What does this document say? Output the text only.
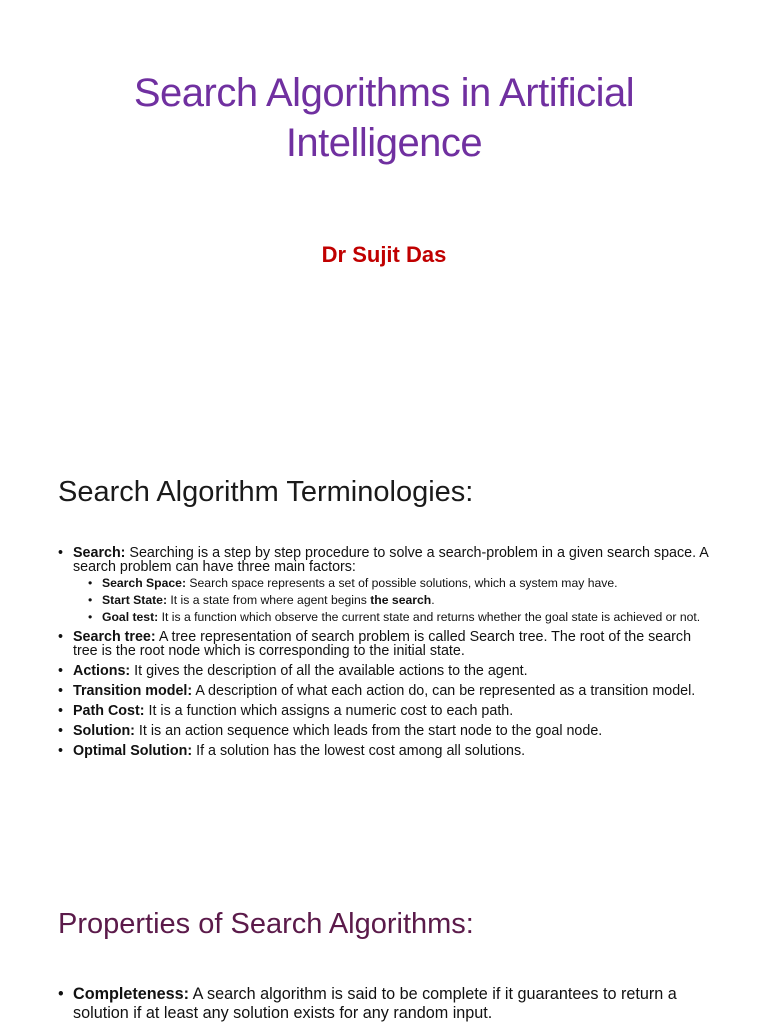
Search Algorithms in Artificial Intelligence
Dr Sujit Das
Search Algorithm Terminologies:
• Search: Searching is a step by step procedure to solve a search-problem in a given search space. A search problem can have three main factors:
• Search Space: Search space represents a set of possible solutions, which a system may have.
• Start State: It is a state from where agent begins the search.
• Goal test: It is a function which observe the current state and returns whether the goal state is achieved or not.
• Search tree: A tree representation of search problem is called Search tree. The root of the search tree is the root node which is corresponding to the initial state.
• Actions: It gives the description of all the available actions to the agent.
• Transition model: A description of what each action do, can be represented as a transition model.
• Path Cost: It is a function which assigns a numeric cost to each path.
• Solution: It is an action sequence which leads from the start node to the goal node.
• Optimal Solution: If a solution has the lowest cost among all solutions.
Properties of Search Algorithms:
• Completeness: A search algorithm is said to be complete if it guarantees to return a solution if at least any solution exists for any random input.
